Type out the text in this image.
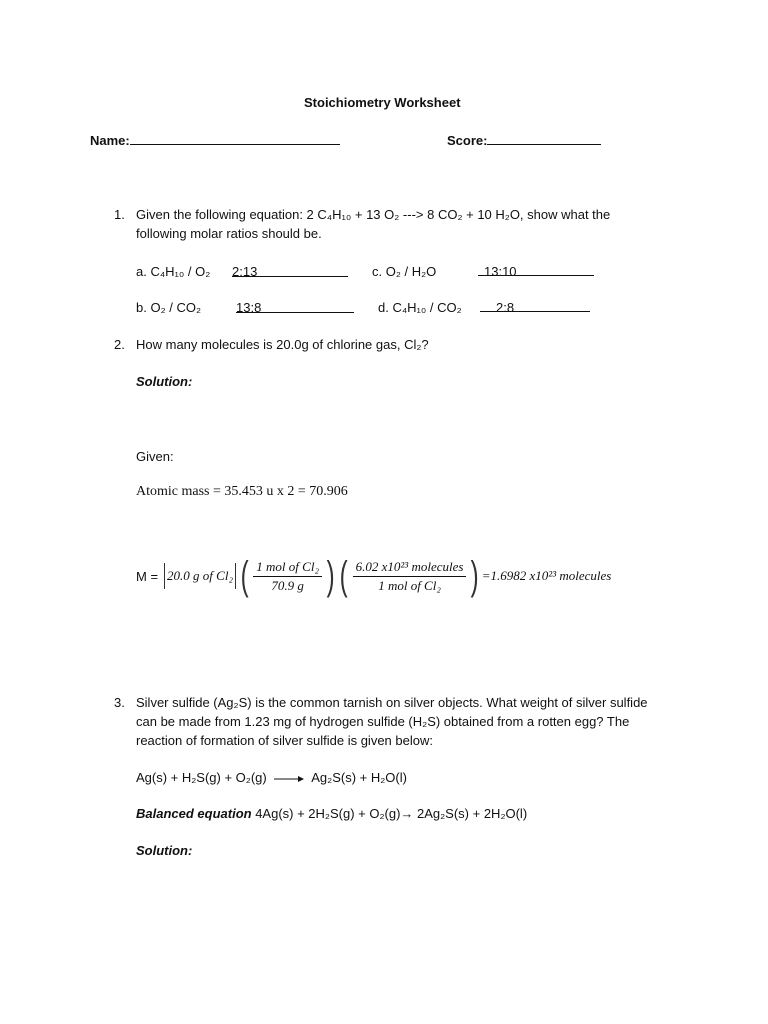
Stoichiometry Worksheet
Name:	Score:
1. Given the following equation: 2 C₄H₁₀ + 13 O₂ ---> 8 CO₂ + 10 H₂O, show what the
following molar ratios should be.
a. C₄H₁₀ / O₂ 2:13	c. O₂ / H₂O	13:10
b. O₂ / CO₂	13:8	d. C₄H₁₀ / CO₂	2:8
2. How many molecules is 20.0g of chlorine gas, Cl₂?
Solution:
Given:
Atomic mass = 35.453 u x 2 = 70.906
M = 20.0 g of Cl₂ ( $\frac{\text{1 mol of Cl₂}}{70.9 g}$ ) ( $\frac{\text{6.02 x10²³ molecules}}{\text{1 mol of Cl₂}}$ ) =1.6982 x10²³ molecules
3. Silver sulfide (Ag₂S) is the common tarnish on silver objects. What weight of silver sulfide
can be made from 1.23 mg of hydrogen sulfide (H₂S) obtained from a rotten egg? The
reaction of formation of silver sulfide is given below:
Ag(s) + H₂S(g) + O₂(g) → Ag₂S(s) + H₂O(l)
Balanced equation 4Ag(s) + 2H₂S(g) + O₂(g)→ 2Ag₂S(s) + 2H₂O(l)
Solution:
